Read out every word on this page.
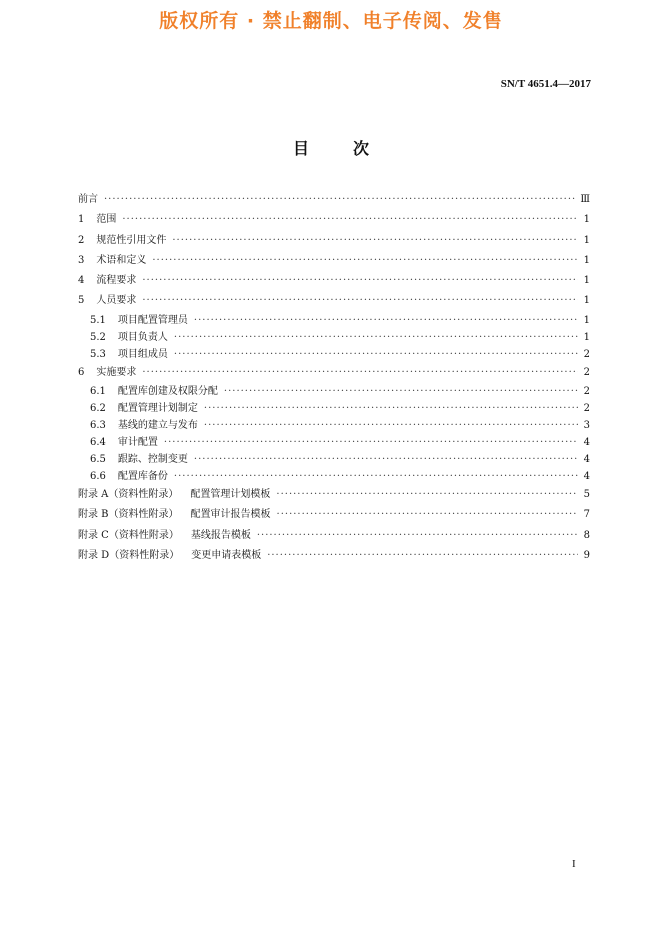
版权所有 · 禁止翻制、电子传阅、发售
SN/T 4651.4—2017
目	次
前言 ·····	Ⅲ
1 范围 ·····	1
2 规范性引用文件 ·····	1
3 术语和定义 ·····	1
4 流程要求 ·····	1
5 人员要求 ·····	1
5.1 项目配置管理员 ·····	1
5.2 项目负责人 ·····	1
5.3 项目组成员 ·····	2
6 实施要求 ·····	2
6.1 配置库创建及权限分配 ·····	2
6.2 配置管理计划制定 ·····	2
6.3 基线的建立与发布 ·····	3
6.4 审计配置 ·····	4
6.5 跟踪、控制变更 ·····	4
6.6 配置库备份 ·····	4
附录 A（资料性附录） 配置管理计划模板 ·····	5
附录 B（资料性附录） 配置审计报告模板 ·····	7
附录 C（资料性附录） 基线报告模板 ·····	8
附录 D（资料性附录） 变更申请表模板 ·····	9
I
